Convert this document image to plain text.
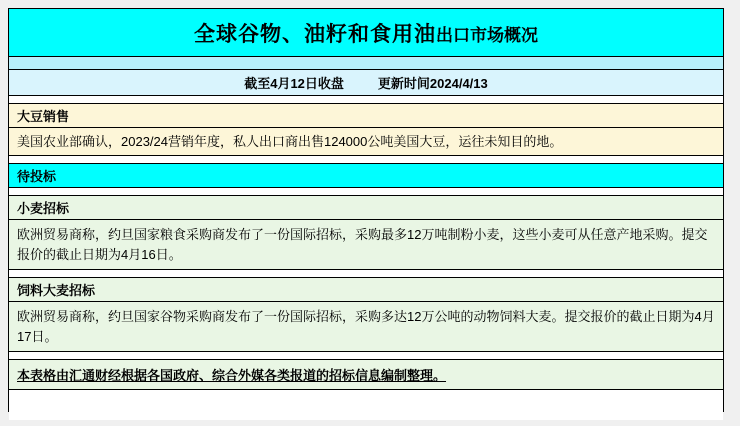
全球谷物、油籽和食用油出口市场概况
截至4月12日收盘	更新时间2024/4/13
大豆销售
美国农业部确认，2023/24营销年度，私人出口商出售124000公吨美国大豆，运往未知目的地。
待投标
小麦招标
欧洲贸易商称，约旦国家粮食采购商发布了一份国际招标，采购最多12万吨制粉小麦，这些小麦可从任意产地采购。提交报价的截止日期为4月16日。
饲料大麦招标
欧洲贸易商称，约旦国家谷物采购商发布了一份国际招标，采购多达12万公吨的动物饲料大麦。提交报价的截止日期为4月17日。
本表格由汇通财经根据各国政府、综合外媒各类报道的招标信息编制整理。
